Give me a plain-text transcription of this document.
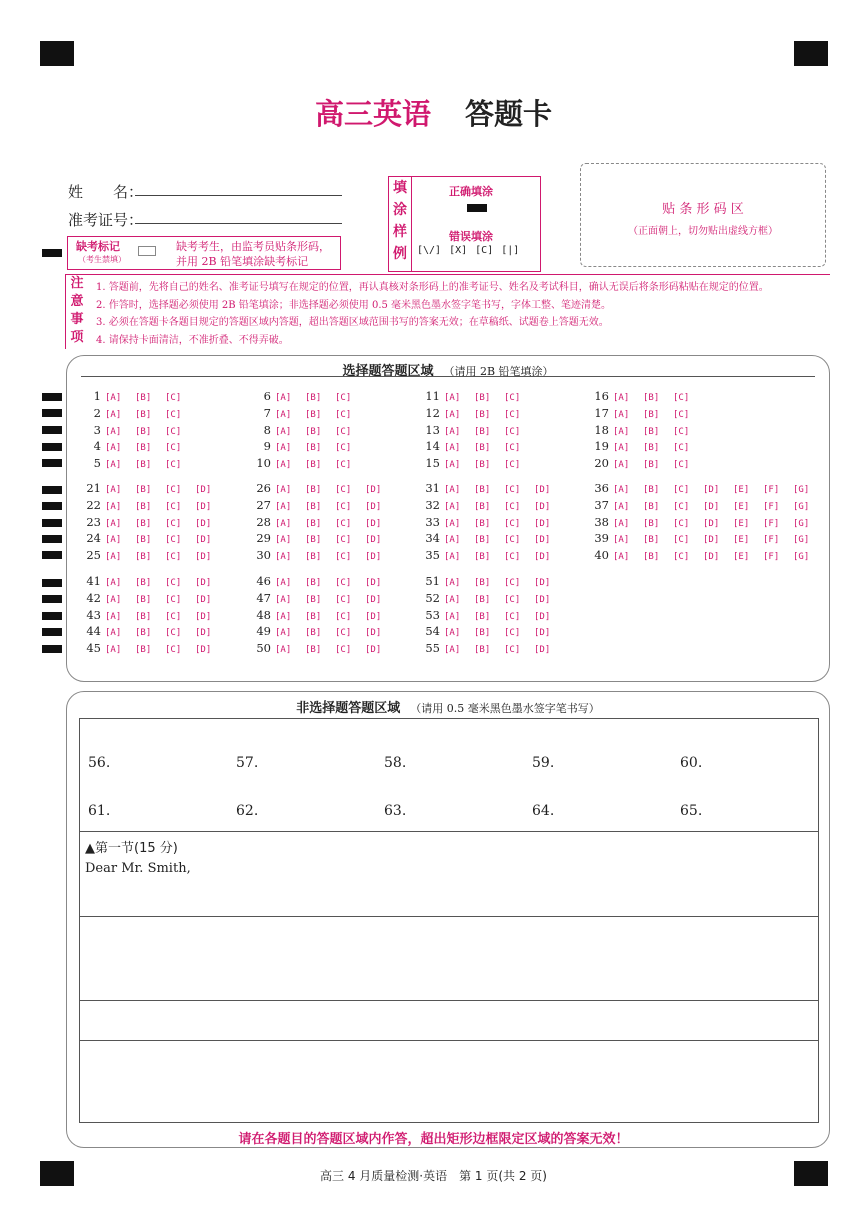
高三英语 答题卡
姓　　名：
准考证号：
填
涂
样
例
正确填涂
错误填涂
[\/] [X] [C] [|]
贴 条 形 码 区
（正面朝上，切勿贴出虚线方框）
缺考标记
（考生禁填）
缺考考生，由监考员贴条形码，
并用 2B 铅笔填涂缺考标记
注
意
事
项
1. 答题前，先将自己的姓名、准考证号填写在规定的位置，再认真核对条形码上的准考证号、姓名及考试科目，确认无误后将条形码粘贴在规定的位置。
2. 作答时，选择题必须使用 2B 铅笔填涂；非选择题必须使用 0.5 毫米黑色墨水签字笔书写，字体工整、笔迹清楚。
3. 必须在答题卡各题目规定的答题区域内答题，超出答题区域范围书写的答案无效；在草稿纸、试题卷上答题无效。
4. 请保持卡面清洁，不准折叠、不得弄破。
选择题答题区域 （请用 2B 铅笔填涂）
1 [A] [B] [C]
2 [A] [B] [C]
3 [A] [B] [C]
4 [A] [B] [C]
5 [A] [B] [C]
6 [A] [B] [C]
7 [A] [B] [C]
8 [A] [B] [C]
9 [A] [B] [C]
10 [A] [B] [C]
11 [A] [B] [C]
12 [A] [B] [C]
13 [A] [B] [C]
14 [A] [B] [C]
15 [A] [B] [C]
16 [A] [B] [C]
17 [A] [B] [C]
18 [A] [B] [C]
19 [A] [B] [C]
20 [A] [B] [C]
21 [A] [B] [C] [D]
22 [A] [B] [C] [D]
23 [A] [B] [C] [D]
24 [A] [B] [C] [D]
25 [A] [B] [C] [D]
26 [A] [B] [C] [D]
27 [A] [B] [C] [D]
28 [A] [B] [C] [D]
29 [A] [B] [C] [D]
30 [A] [B] [C] [D]
31 [A] [B] [C] [D]
32 [A] [B] [C] [D]
33 [A] [B] [C] [D]
34 [A] [B] [C] [D]
35 [A] [B] [C] [D]
36 [A] [B] [C] [D] [E] [F] [G]
37 [A] [B] [C] [D] [E] [F] [G]
38 [A] [B] [C] [D] [E] [F] [G]
39 [A] [B] [C] [D] [E] [F] [G]
40 [A] [B] [C] [D] [E] [F] [G]
41 [A] [B] [C] [D]
42 [A] [B] [C] [D]
43 [A] [B] [C] [D]
44 [A] [B] [C] [D]
45 [A] [B] [C] [D]
46 [A] [B] [C] [D]
47 [A] [B] [C] [D]
48 [A] [B] [C] [D]
49 [A] [B] [C] [D]
50 [A] [B] [C] [D]
51 [A] [B] [C] [D]
52 [A] [B] [C] [D]
53 [A] [B] [C] [D]
54 [A] [B] [C] [D]
55 [A] [B] [C] [D]
非选择题答题区域 （请用 0.5 毫米黑色墨水签字笔书写）
56.	57.	58.	59.	60.
61.	62.	63.	64.	65.
▲第一节(15 分)
Dear Mr. Smith,
请在各题目的答题区域内作答，超出矩形边框限定区域的答案无效！
高三 4 月质量检测·英语　第 1 页(共 2 页)
